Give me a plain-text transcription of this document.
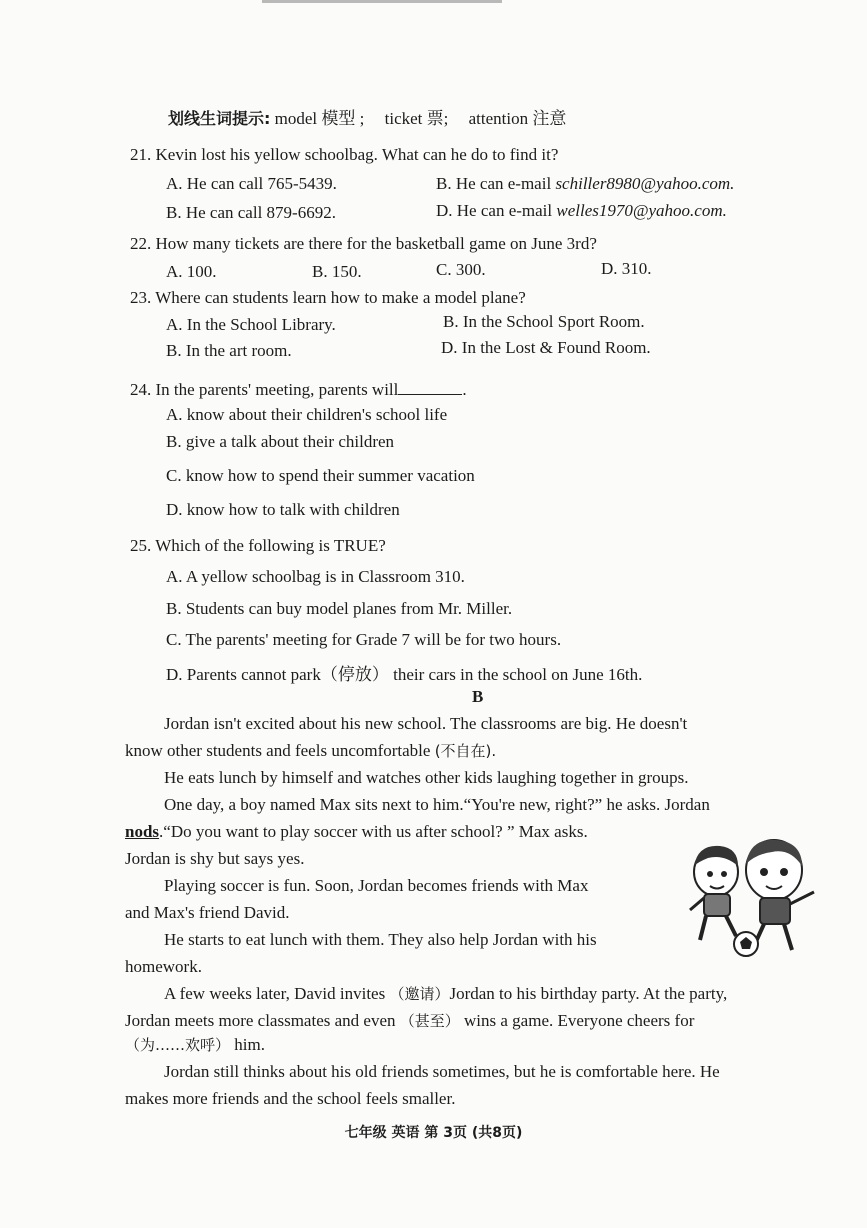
划线生词提示: model 模型 ; ticket 票; attention 注意
21. Kevin lost his yellow schoolbag. What can he do to find it?
A. He can call 765-5439.	B. He can e-mail schiller8980@yahoo.com.
B. He can call 879-6692.	D. He can e-mail welles1970@yahoo.com.
22. How many tickets are there for the basketball game on June 3rd?
A. 100.	B. 150.	C. 300.	D. 310.
23. Where can students learn how to make a model plane?
A. In the School Library.	B. In the School Sport Room.
B. In the art room.	D. In the Lost & Found Room.
24. In the parents' meeting, parents will	.
A. know about their children's school life
B. give a talk about their children
C. know how to spend their summer vacation
D. know how to talk with children
25. Which of the following is TRUE?
A. A yellow schoolbag is in Classroom 310.
B. Students can buy model planes from Mr. Miller.
C. The parents' meeting for Grade 7 will be for two hours.
D. Parents cannot park（停放） their cars in the school on June 16th.
B
Jordan isn't excited about his new school. The classrooms are big. He doesn't
know other students and feels uncomfortable (不自在).
He eats lunch by himself and watches other kids laughing together in groups.
One day, a boy named Max sits next to him.“You're new, right?” he asks. Jordan
nods.“Do you want to play soccer with us after school? ” Max asks.
Jordan is shy but says yes.
Playing soccer is fun. Soon, Jordan becomes friends with Max
and Max's friend David.
He starts to eat lunch with them. They also help Jordan with his
homework.
A few weeks later, David invites （邀请）Jordan to his birthday party. At the party,
Jordan meets more classmates and even （甚至） wins a game. Everyone cheers for
（为……欢呼） him.
Jordan still thinks about his old friends sometimes, but he is comfortable here. He
makes more friends and the school feels smaller.
七年级 英语 第 3页 (共8页)
